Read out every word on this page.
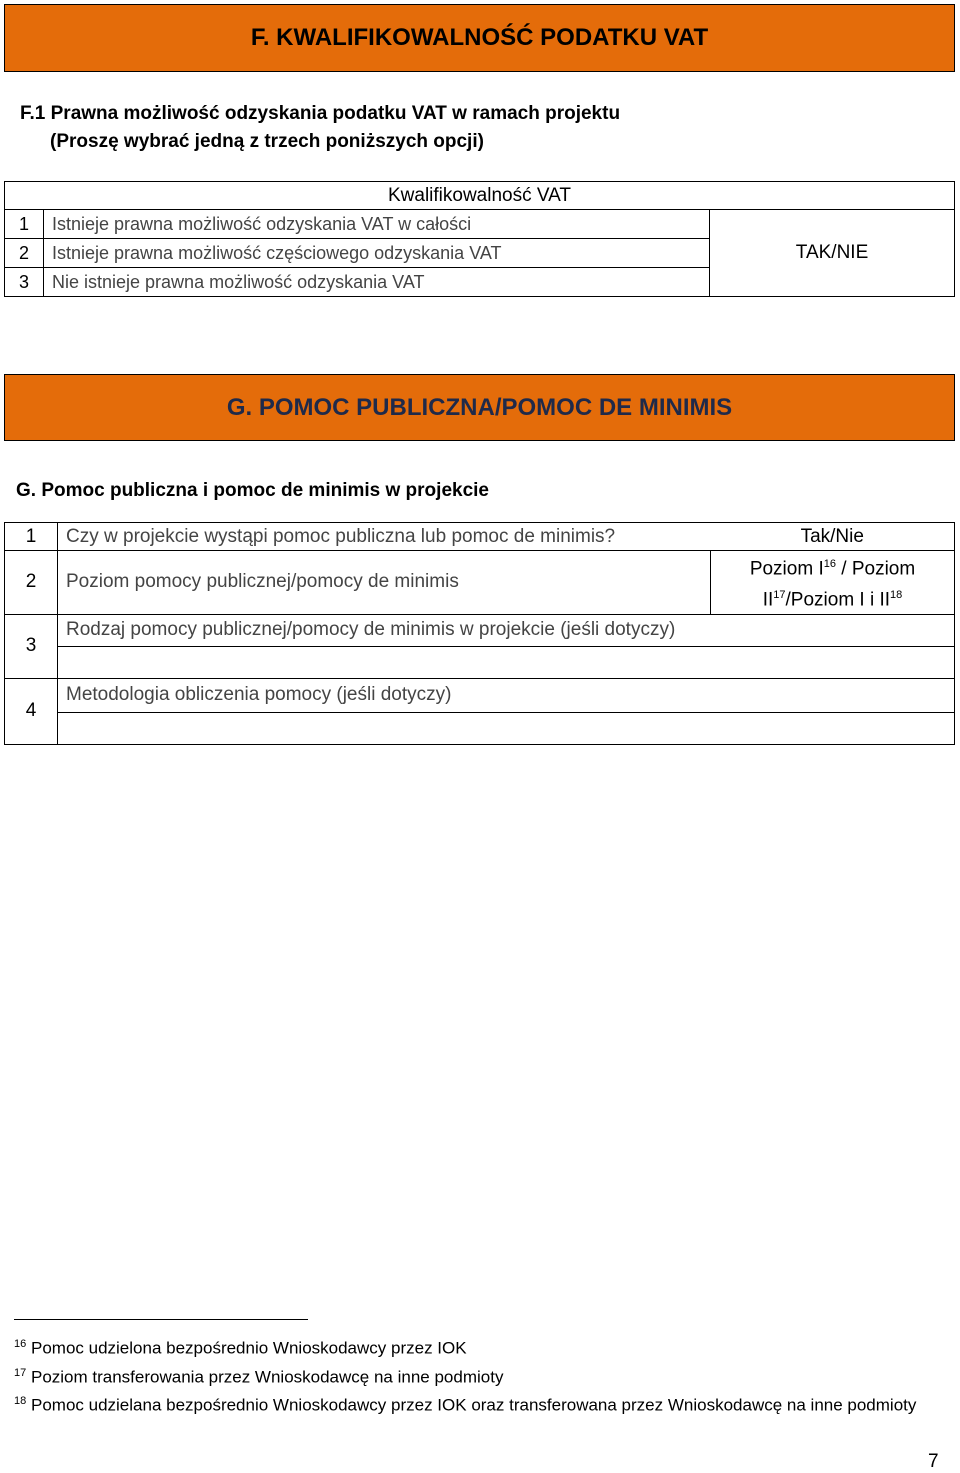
F. KWALIFIKOWALNOŚĆ PODATKU VAT
F.1 Prawna możliwość odzyskania podatku VAT w ramach projektu
(Proszę wybrać jedną z trzech poniższych opcji)
Kwalifikowalność VAT		
1	Istnieje prawna możliwość odzyskania VAT w całości	TAK/NIE
2	Istnieje prawna możliwość częściowego odzyskania VAT	
3	Nie istnieje prawna możliwość odzyskania VAT	
G. POMOC PUBLICZNA/POMOC DE MINIMIS
G. Pomoc publiczna i pomoc de minimis w projekcie
1	Czy w projekcie wystąpi pomoc publiczna lub pomoc de minimis?	Tak/Nie
2	Poziom pomocy publicznej/pomocy de minimis	Poziom $I^{16}$ / Poziom
II$^{17}$/Poziom I i II$^{18}$
3	Rodzaj pomocy publicznej/pomocy de minimis w projekcie (jeśli dotyczy)	

4	Metodologia obliczenia pomocy (jeśli dotyczy)	

$^{16}$ Pomoc udzielona bezpośrednio Wnioskodawcy przez IOK
$^{17}$ Poziom transferowania przez Wnioskodawcę na inne podmioty
$^{18}$ Pomoc udzielana bezpośrednio Wnioskodawcy przez IOK oraz transferowana przez Wnioskodawcę na inne podmioty
7
